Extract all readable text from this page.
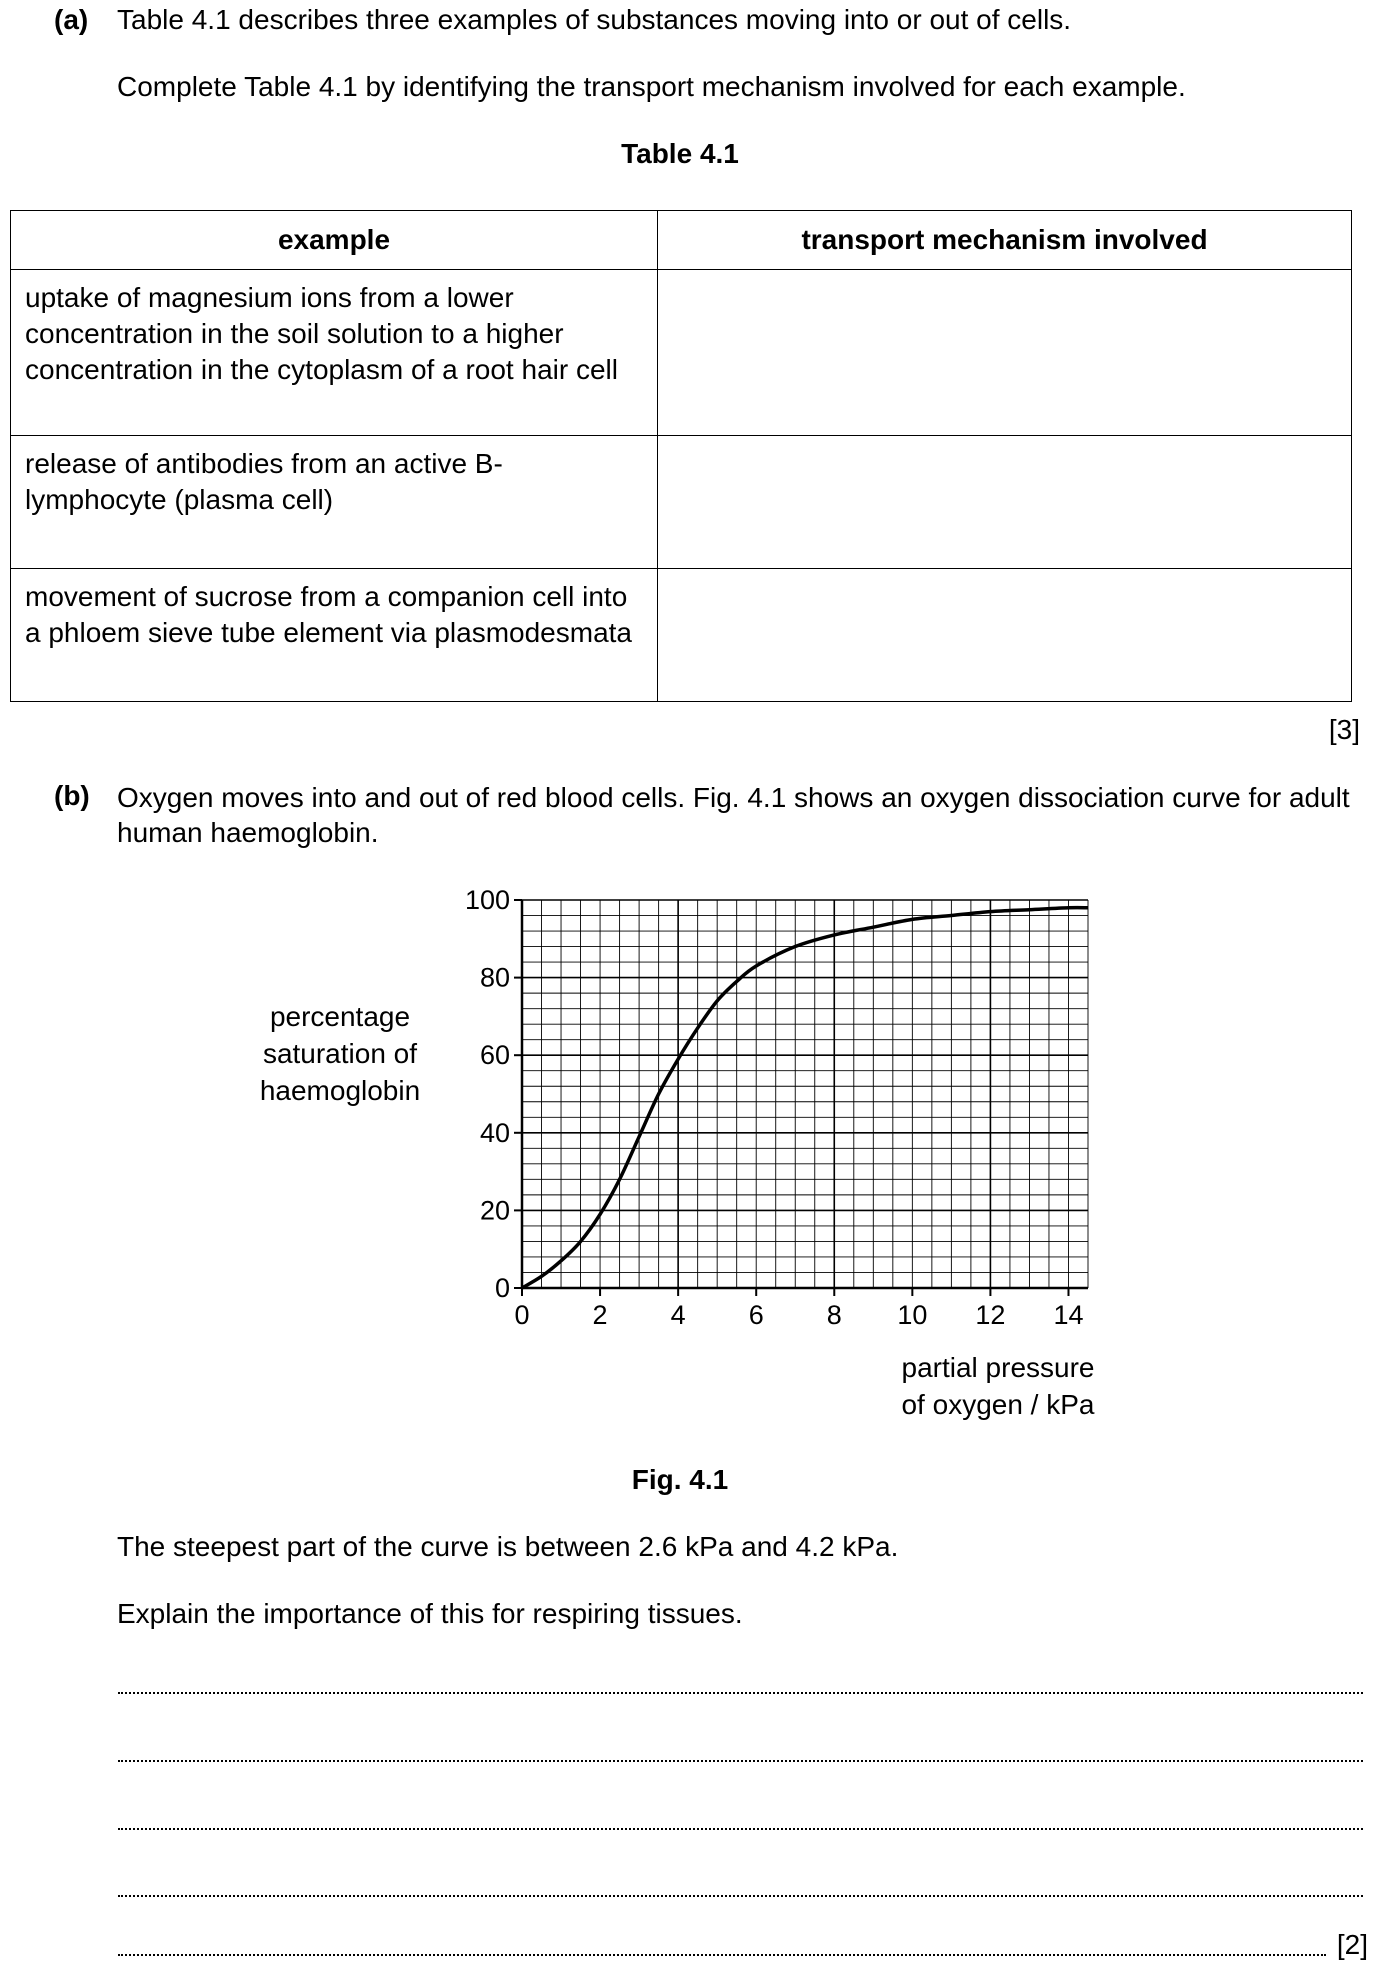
(a) Table 4.1 describes three examples of substances moving into or out of cells.
Complete Table 4.1 by identifying the transport mechanism involved for each example.
Table 4.1
example	transport mechanism involved
uptake of magnesium ions from a lower concentration in the soil solution to a higher concentration in the cytoplasm of a root hair cell	
release of antibodies from an active B-lymphocyte (plasma cell)	
movement of sucrose from a companion cell into a phloem sieve tube element via plasmodesmata	
[3]
(b) Oxygen moves into and out of red blood cells. Fig. 4.1 shows an oxygen dissociation curve for adult human haemoglobin.
0 2 4 6 8 10 12 14
0
20
40
60
80
100
percentage
saturation of
haemoglobin
partial pressure
of oxygen / kPa
Fig. 4.1
The steepest part of the curve is between 2.6 kPa and 4.2 kPa.
Explain the importance of this for respiring tissues.
[2]
